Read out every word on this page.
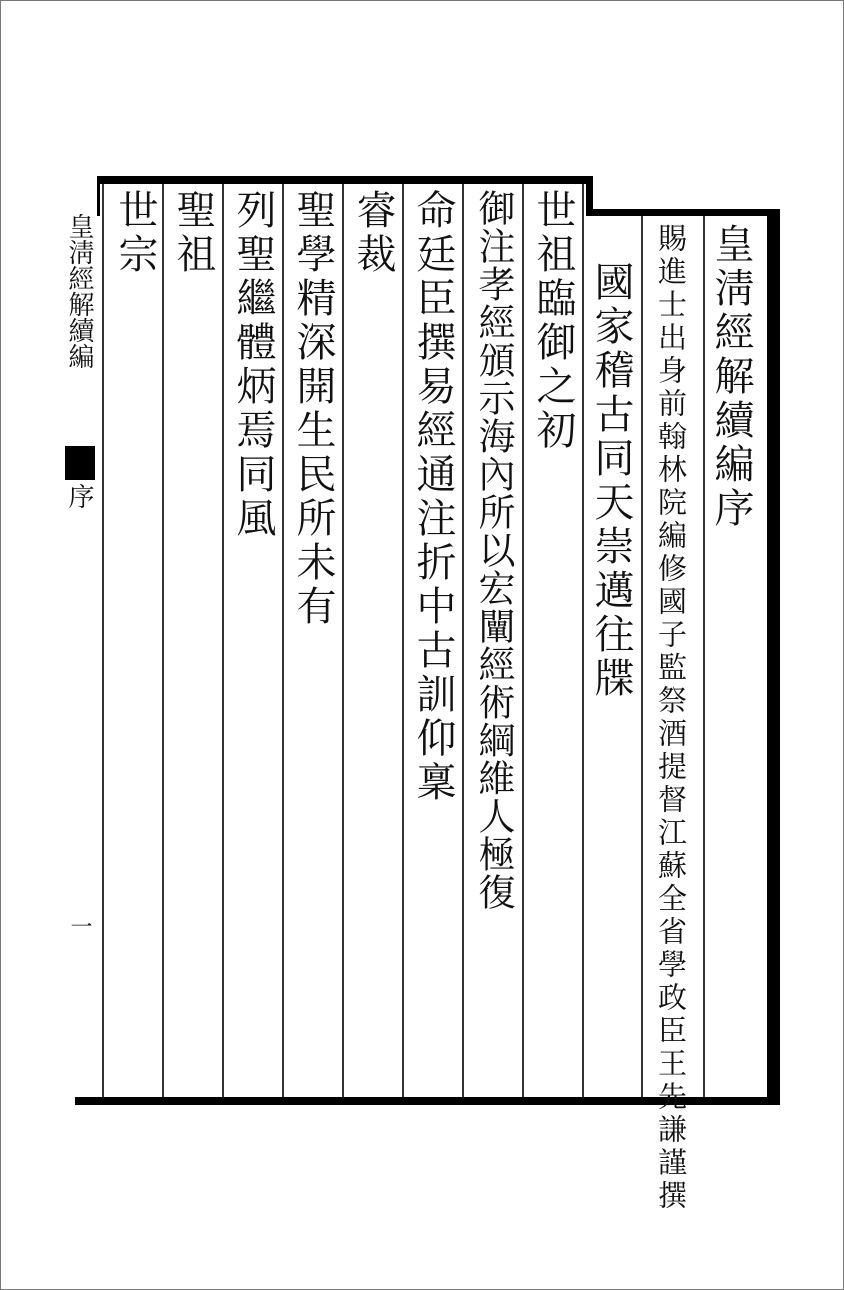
皇淸經解續編序
賜進士出身前翰林院編修國子監祭酒提督江蘇全省學政臣王先謙謹撰
國家稽古同天崇邁往牒
世祖臨御之初
御注孝經頒示海內所以宏闡經術綱維人極復
命廷臣撰易經通注折中古訓仰稟
睿裁
聖學精深開生民所未有
列聖繼體炳焉同風
聖祖
世宗
皇淸經解續編
序
一
